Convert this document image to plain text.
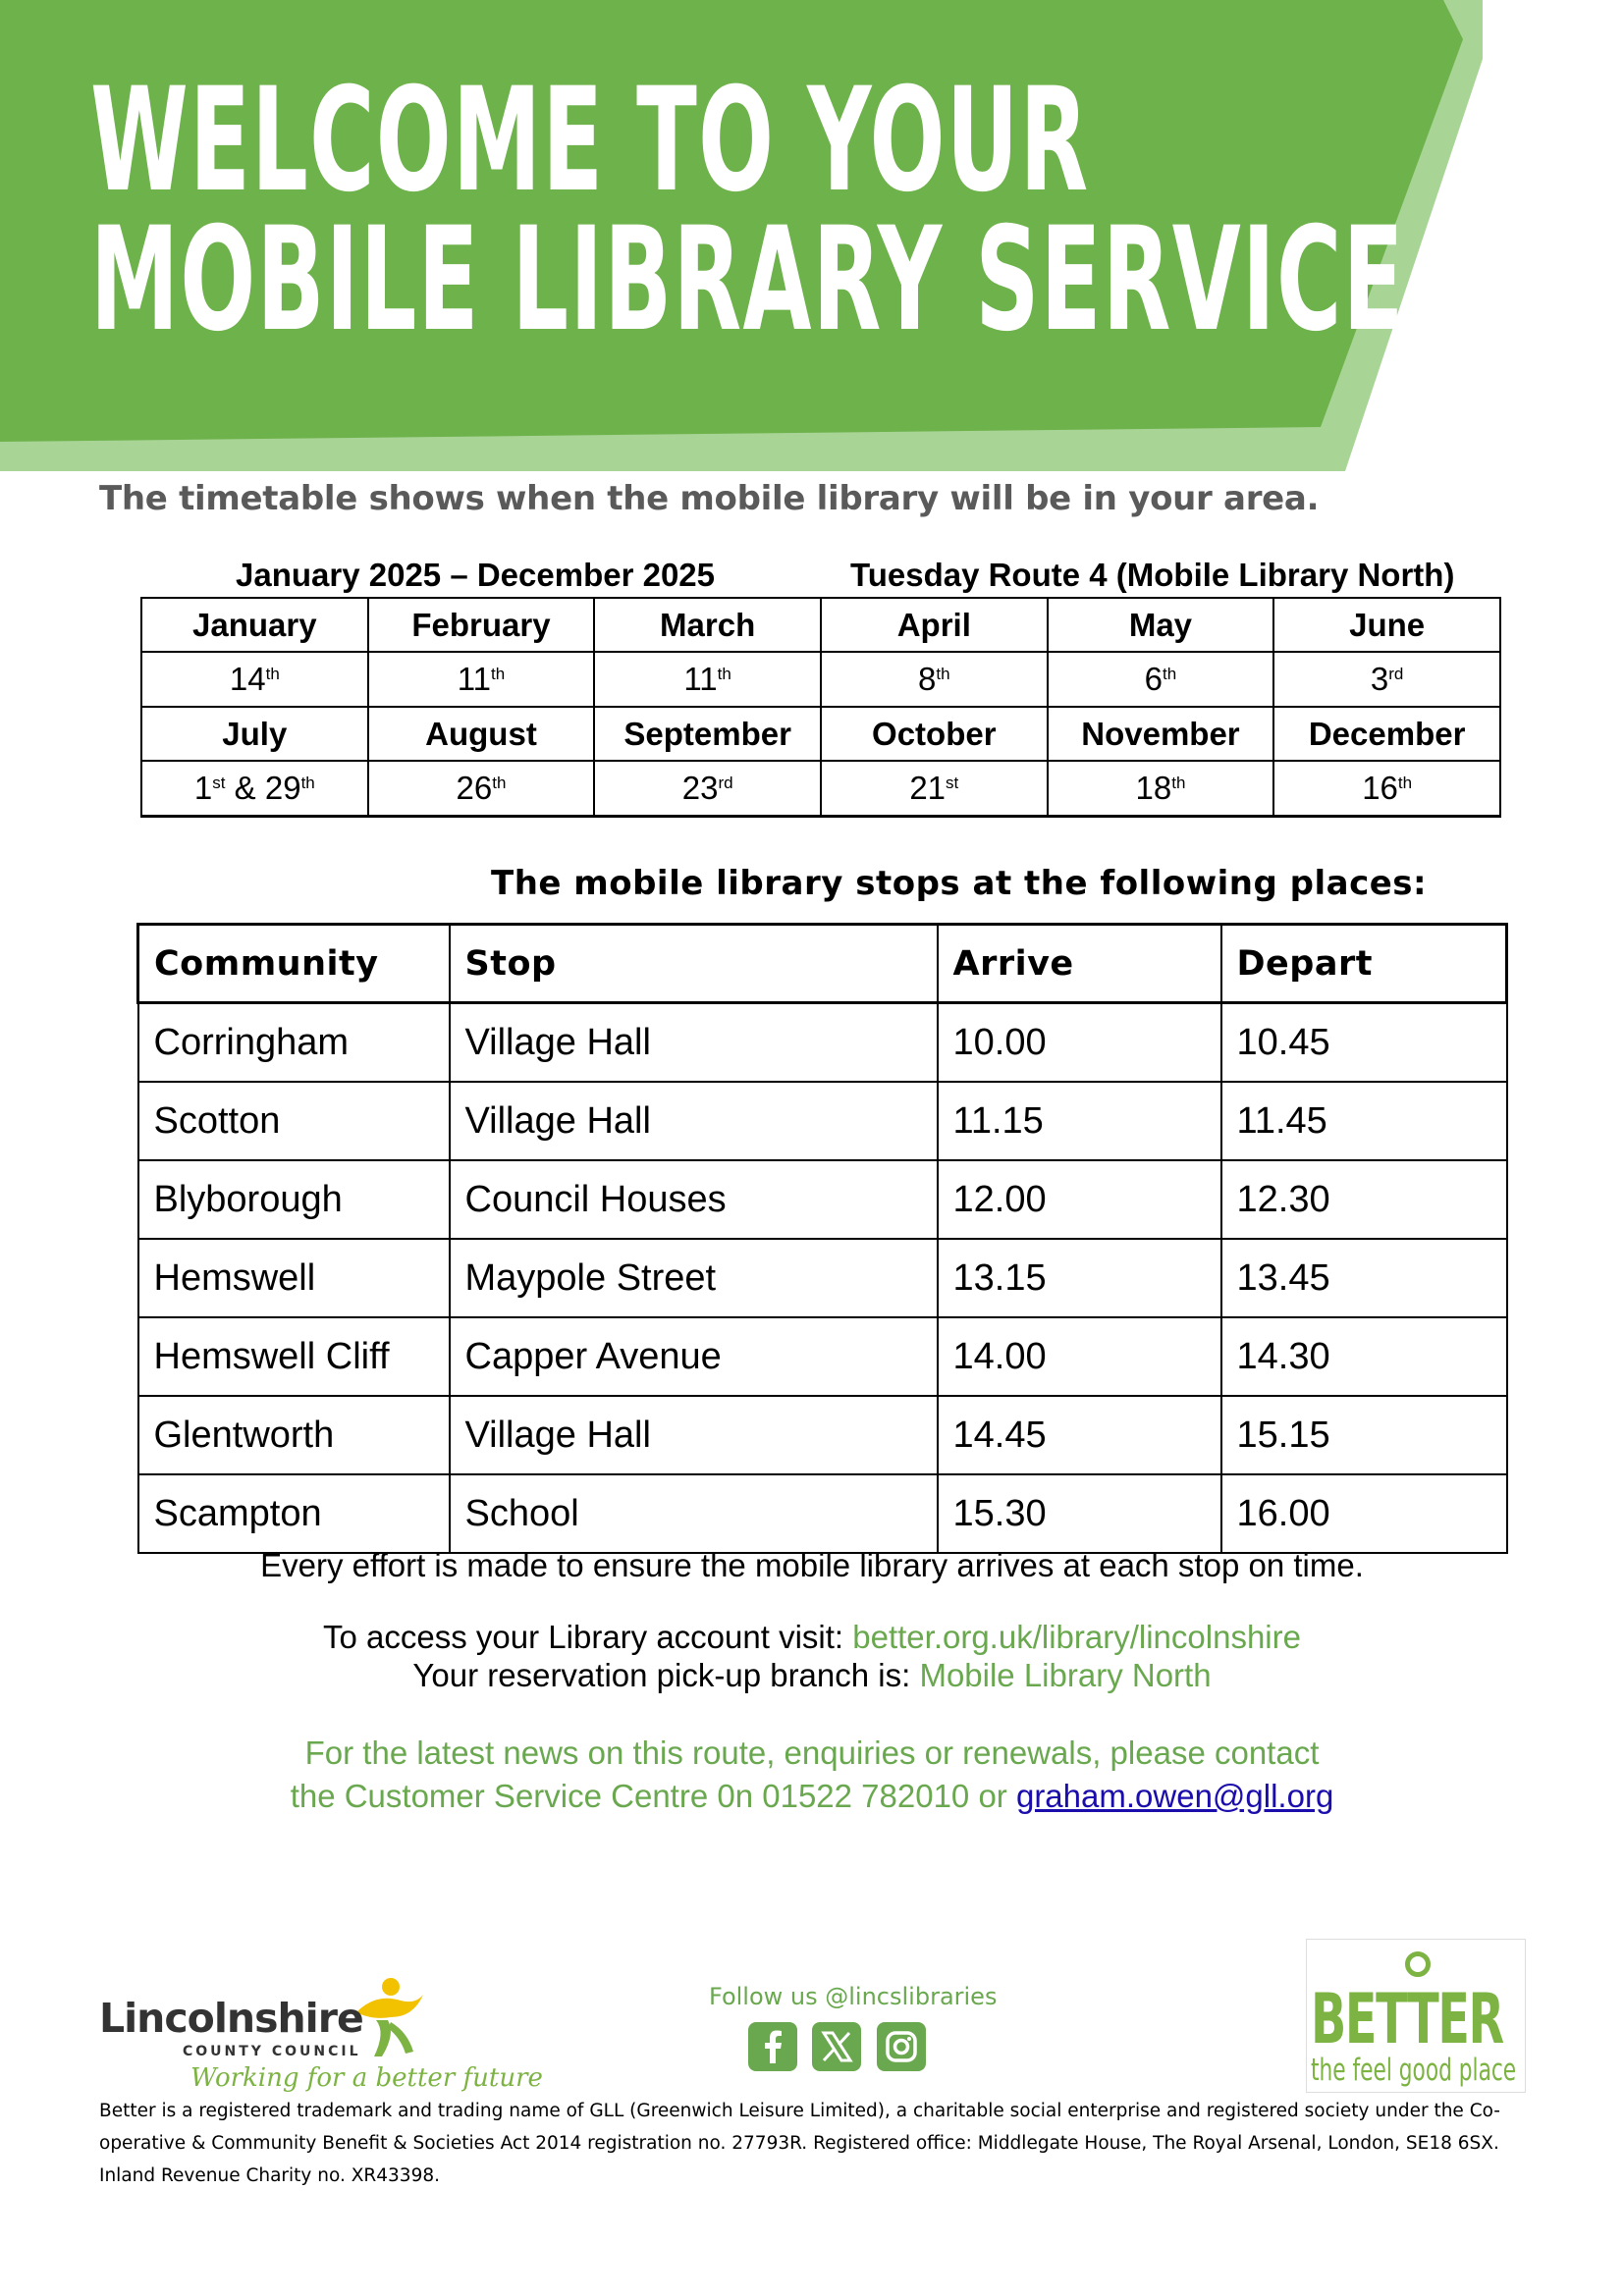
WELCOME TO YOUR
MOBILE LIBRARY SERVICE
The timetable shows when the mobile library will be in your area.
January 2025 – December 2025	Tuesday Route 4 (Mobile Library North)
January	February	March	April	May	June
14th	11th	11th	8th	6th	3rd
July	August	September	October	November	December
1st & 29th	26th	23rd	21st	18th	16th
The mobile library stops at the following places:
Community	Stop	Arrive	Depart
Corringham	Village Hall	10.00	10.45
Scotton	Village Hall	11.15	11.45
Blyborough	Council Houses	12.00	12.30
Hemswell	Maypole Street	13.15	13.45
Hemswell Cliff	Capper Avenue	14.00	14.30
Glentworth	Village Hall	14.45	15.15
Scampton	School	15.30	16.00
Every effort is made to ensure the mobile library arrives at each stop on time.
To access your Library account visit: better.org.uk/library/lincolnshire
Your reservation pick-up branch is: Mobile Library North
For the latest news on this route, enquiries or renewals, please contact
the Customer Service Centre 0n 01522 782010 or graham.owen@gll.org
Lincolnshire
COUNTY COUNCIL
Working for a better future
Follow us @lincslibraries	BETTER
the feel good place
Better is a registered trademark and trading name of GLL (Greenwich Leisure Limited), a charitable social enterprise and registered society under the Co-operative & Community Benefit & Societies Act 2014 registration no. 27793R. Registered office: Middlegate House, The Royal Arsenal, London, SE18 6SX. Inland Revenue Charity no. XR43398.
